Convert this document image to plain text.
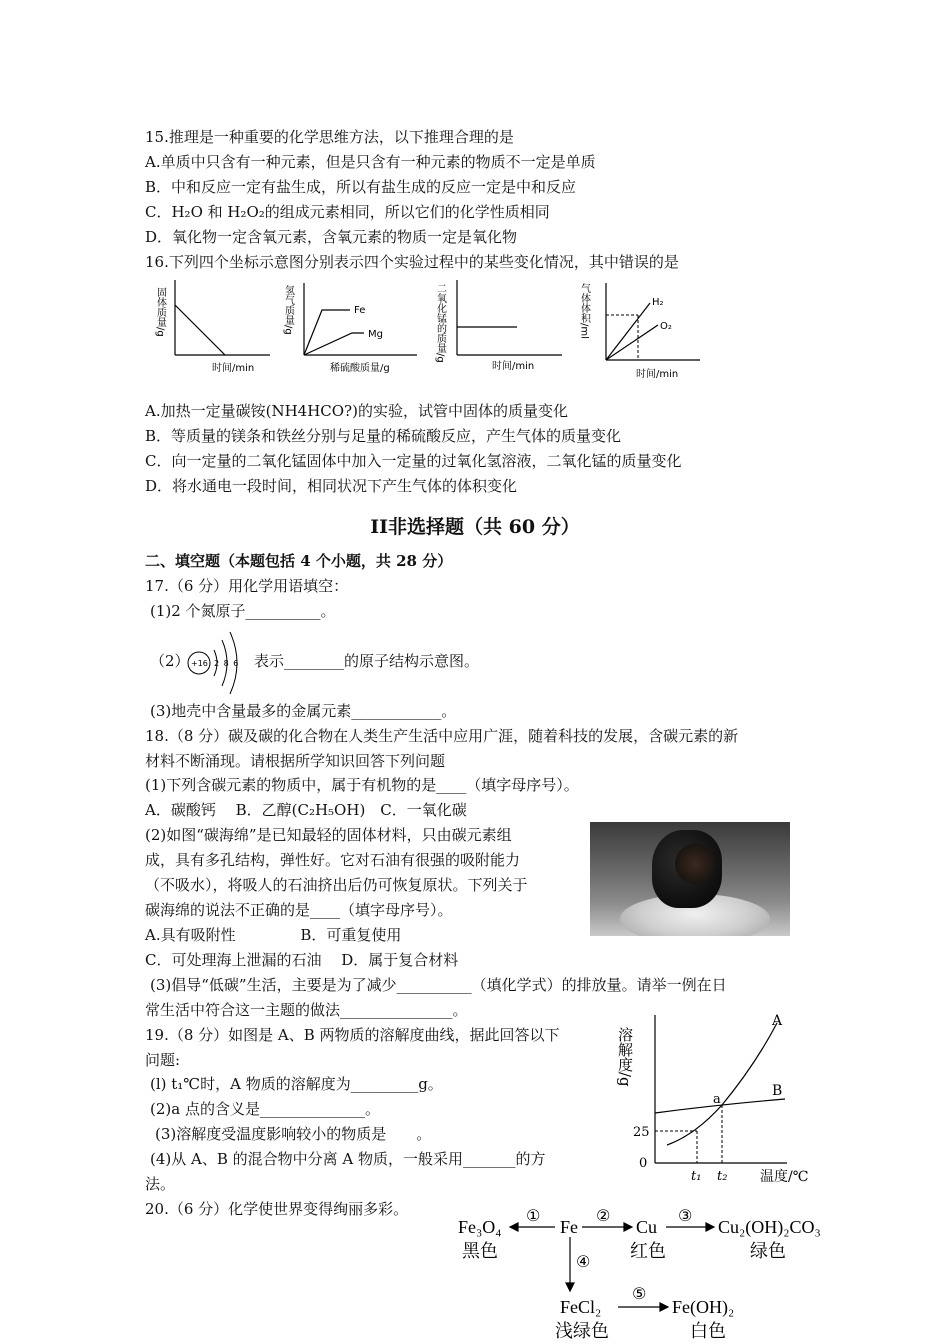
15.推理是一种重要的化学思维方法，以下推理合理的是
A.单质中只含有一种元素，但是只含有一种元素的物质不一定是单质
B．中和反应一定有盐生成，所以有盐生成的反应一定是中和反应
C．H₂O 和 H₂O₂的组成元素相同，所以它们的化学性质相同
D．氧化物一定含氧元素，含氧元素的物质一定是氧化物
16.下列四个坐标示意图分别表示四个实验过程中的某些变化情况，其中错误的是
固体质量/g
时间/min
Fe
Mg
氢气质量/g
稀硫酸质量/g
二氧化锰的质量/g
时间/min
H₂
O₂
气体体积/ml
时间/min
A.加热一定量碳铵(NH4HCO?)的实验，试管中固体的质量变化
B．等质量的镁条和铁丝分别与足量的稀硫酸反应，产生气体的质量变化
C．向一定量的二氧化锰固体中加入一定量的过氧化氢溶液，二氧化锰的质量变化
D．将水通电一段时间，相同状况下产生气体的体积变化
II非选择题（共 60 分）
二、填空题（本题包括 4 个小题，共 28 分）
17.（6 分）用化学用语填空：
(1)2 个氮原子__________。
（2） +16 2 8 6 表示________的原子结构示意图。
(3)地壳中含量最多的金属元素____________。
18.（8 分）碳及碳的化合物在人类生产生活中应用广涯，随着科技的发展，含碳元素的新
材料不断涌现。请根据所学知识回答下列问题
(1)下列含碳元素的物质中，属于有机物的是____（填字母序号）。
A．碳酸钙　 B．乙醇(C₂H₅OH)　C．一氧化碳
(2)如图“碳海绵”是已知最轻的固体材料，只由碳元素组
成，具有多孔结构，弹性好。它对石油有很强的吸附能力
（不吸水），将吸人的石油挤出后仍可恢复原状。下列关于
碳海绵的说法不正确的是____（填字母序号）。
A.具有吸附性　　　　 B．可重复使用
C．可处理海上泄漏的石油　 D．属于复合材料
(3)倡导“低碳”生活，主要是为了减少__________（填化学式）的排放量。请举一例在日
常生活中符合这一主题的做法_______________。
19.（8 分）如图是 A、B 两物质的溶解度曲线，据此回答以下
问题:
(l) t₁℃时，A 物质的溶解度为_________g。
(2)a 点的含义是______________。
(3)溶解度受温度影响较小的物质是　　。
(4)从 A、B 的混合物中分离 A 物质，一般采用_______的方
法。
溶解度/g
温度/℃
0
25
t₁ t₂
A
B
a
20.（6 分）化学使世界变得绚丽多彩。
Fe₃O₄
黑色
Fe	Cu
红色
Cu₂(OH)₂CO₃
绿色
FeCl₂
浅绿色
Fe(OH)₂
白色
①	②	③
④
⑤
